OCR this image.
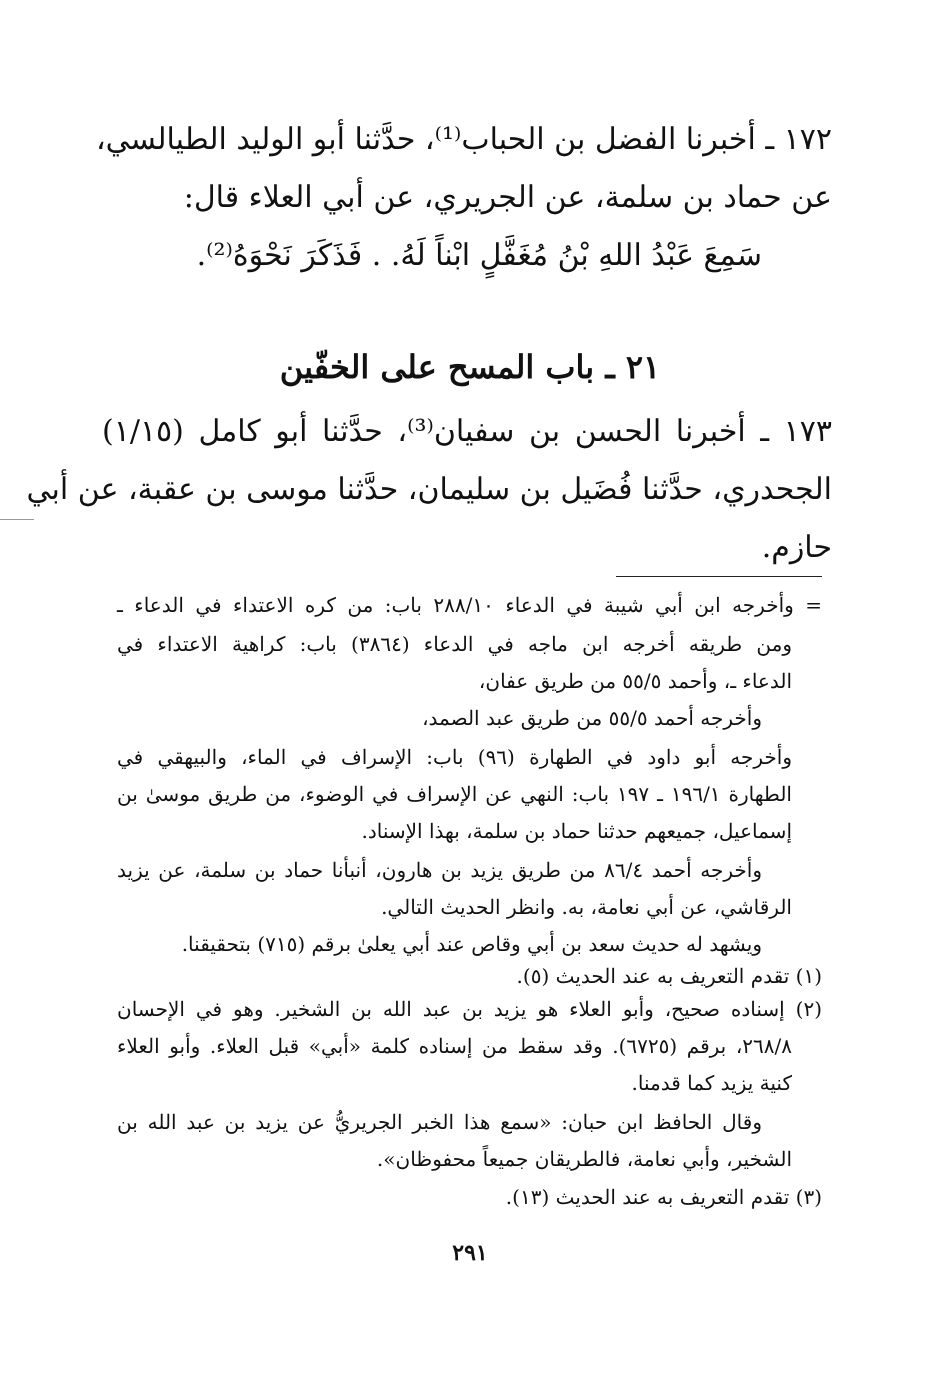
١٧٢ ـ أخبرنا الفضل بن الحباب⁽¹⁾، حدَّثنا أبو الوليد الطيالسي،
عن حماد بن سلمة، عن الجريري، عن أبي العلاء قال:
سَمِعَ عَبْدُ اللهِ بْنُ مُغَفَّلٍ ابْناً لَهُ. . فَذَكَرَ نَحْوَهُ⁽²⁾.
٢١ ـ باب المسح على الخفّين
١٧٣ ـ أخبرنا الحسن بن سفيان⁽³⁾، حدَّثنا أبو كامل (١/١٥)
الجحدري، حدَّثنا فُضَيل بن سليمان، حدَّثنا موسى بن عقبة، عن أبي
حازم.
= وأخرجه ابن أبي شيبة في الدعاء ٢٨٨/١٠ باب: من كره الاعتداء في الدعاء ـ
ومن طريقه أخرجه ابن ماجه في الدعاء (٣٨٦٤) باب: كراهية الاعتداء في
الدعاء ـ، وأحمد ٥٥/٥ من طريق عفان،
وأخرجه أحمد ٥٥/٥ من طريق عبد الصمد،
وأخرجه أبو داود في الطهارة (٩٦) باب: الإسراف في الماء، والبيهقي في
الطهارة ١٩٦/١ ـ ١٩٧ باب: النهي عن الإسراف في الوضوء، من طريق موسىٰ بن
إسماعيل، جميعهم حدثنا حماد بن سلمة، بهذا الإسناد.
وأخرجه أحمد ٨٦/٤ من طريق يزيد بن هارون، أنبأنا حماد بن سلمة، عن يزيد
الرقاشي، عن أبي نعامة، به. وانظر الحديث التالي.
ويشهد له حديث سعد بن أبي وقاص عند أبي يعلىٰ برقم (٧١٥) بتحقيقنا.
(١) تقدم التعريف به عند الحديث (٥).
(٢) إسناده صحيح، وأبو العلاء هو يزيد بن عبد الله بن الشخير. وهو في الإحسان
٢٦٨/٨، برقم (٦٧٢٥). وقد سقط من إسناده كلمة «أبي» قبل العلاء. وأبو العلاء
كنية يزيد كما قدمنا.
وقال الحافظ ابن حبان: «سمع هذا الخبر الجريريُّ عن يزيد بن عبد الله بن
الشخير، وأبي نعامة، فالطريقان جميعاً محفوظان».
(٣) تقدم التعريف به عند الحديث (١٣).
٢٩١
